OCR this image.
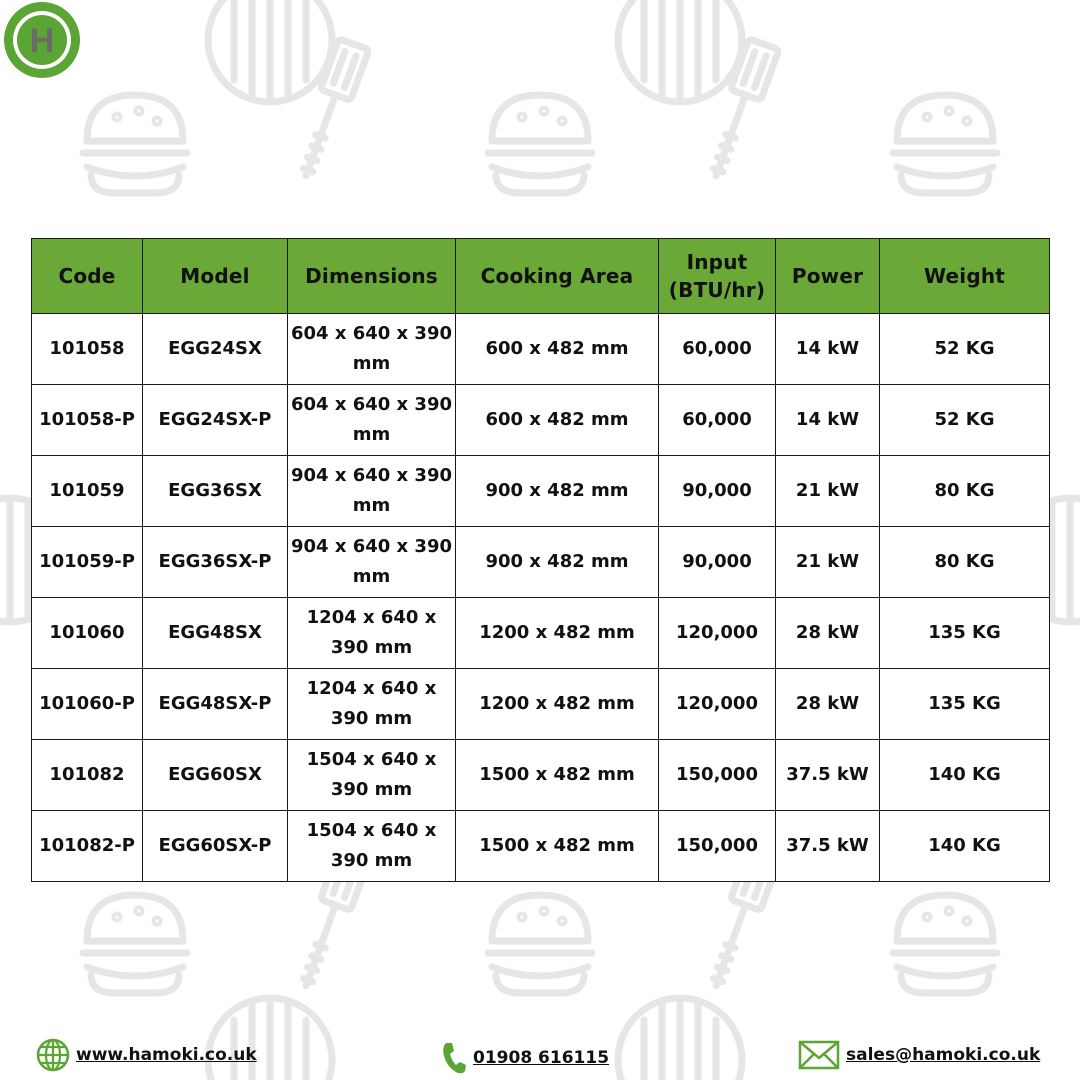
H
Code	Model	Dimensions	Cooking Area	Input (BTU/hr)	Power	Weight
101058	EGG24SX	604 x 640 x 390 mm	600 x 482 mm	60,000	14 kW	52 KG
101058-P	EGG24SX-P	604 x 640 x 390 mm	600 x 482 mm	60,000	14 kW	52 KG
101059	EGG36SX	904 x 640 x 390 mm	900 x 482 mm	90,000	21 kW	80 KG
101059-P	EGG36SX-P	904 x 640 x 390 mm	900 x 482 mm	90,000	21 kW	80 KG
101060	EGG48SX	1204 x 640 x 390 mm	1200 x 482 mm	120,000	28 kW	135 KG
101060-P	EGG48SX-P	1204 x 640 x 390 mm	1200 x 482 mm	120,000	28 kW	135 KG
101082	EGG60SX	1504 x 640 x 390 mm	1500 x 482 mm	150,000	37.5 kW	140 KG
101082-P	EGG60SX-P	1504 x 640 x 390 mm	1500 x 482 mm	150,000	37.5 kW	140 KG
www.hamoki.co.uk	01908 616115	sales@hamoki.co.uk
